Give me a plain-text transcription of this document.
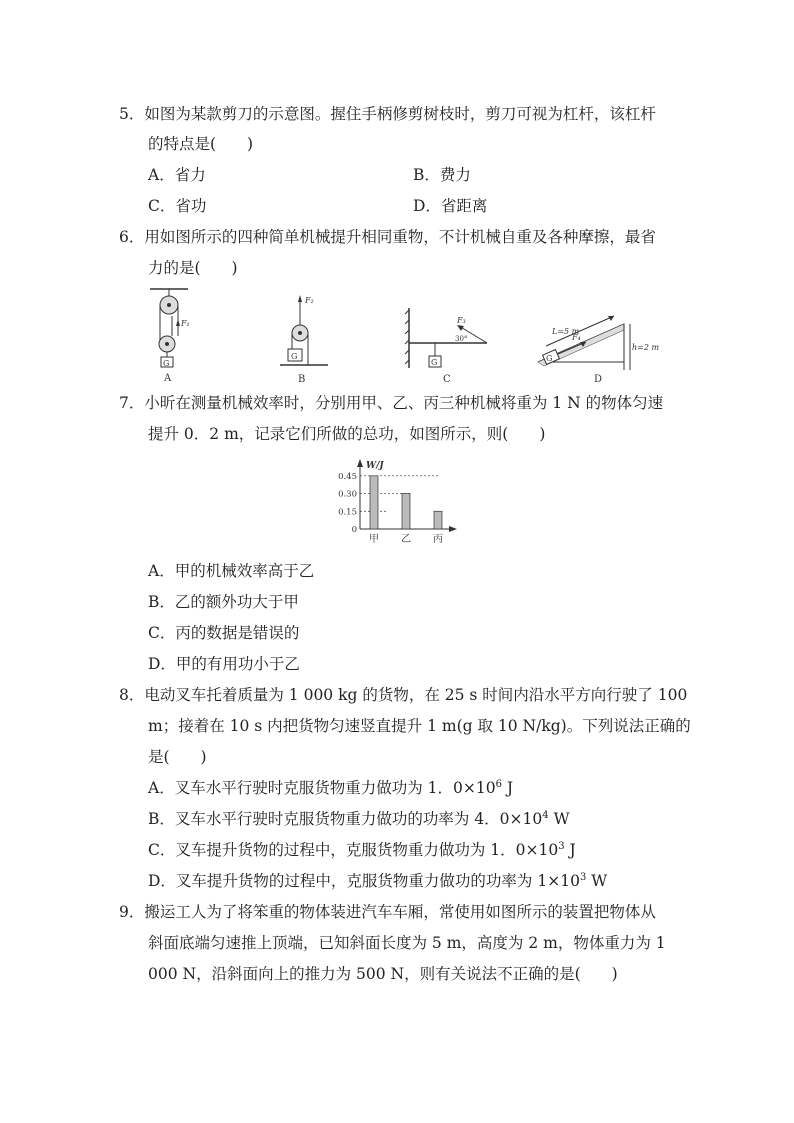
5．如图为某款剪刀的示意图。握住手柄修剪树枝时，剪刀可视为杠杆，该杠杆
的特点是(　　)
A．省力	B．费力
C．省功	D．省距离
6．用如图所示的四种简单机械提升相同重物，不计机械自重及各种摩擦，最省
力的是(　　)
G
F₁
A
F₂
G
B
F₃
30°
G
C
L=5 m
h=2 m
G
F₄
D
7．小昕在测量机械效率时，分别用甲、乙、丙三种机械将重为 1 N 的物体匀速
提升 0．2 m，记录它们所做的总功，如图所示，则(　　)
W/J
0.45
0.30
0.15
0
甲 乙 丙
A．甲的机械效率高于乙
B．乙的额外功大于甲
C．丙的数据是错误的
D．甲的有用功小于乙
8．电动叉车托着质量为 1 000 kg 的货物，在 25 s 时间内沿水平方向行驶了 100
m；接着在 10 s 内把货物匀速竖直提升 1 m(g 取 10 N/kg)。下列说法正确的
是(　　)
A．叉车水平行驶时克服货物重力做功为 1．$0\times 10^6$ J
B．叉车水平行驶时克服货物重力做功的功率为 4．$0\times 10^4$ W
C．叉车提升货物的过程中，克服货物重力做功为 1．$0\times 10^3$ J
D．叉车提升货物的过程中，克服货物重力做功的功率为 $1\times 10^3$ W
9．搬运工人为了将笨重的物体装进汽车车厢，常使用如图所示的装置把物体从
斜面底端匀速推上顶端，已知斜面长度为 5 m，高度为 2 m，物体重力为 1
000 N，沿斜面向上的推力为 500 N，则有关说法不正确的是(　　)
